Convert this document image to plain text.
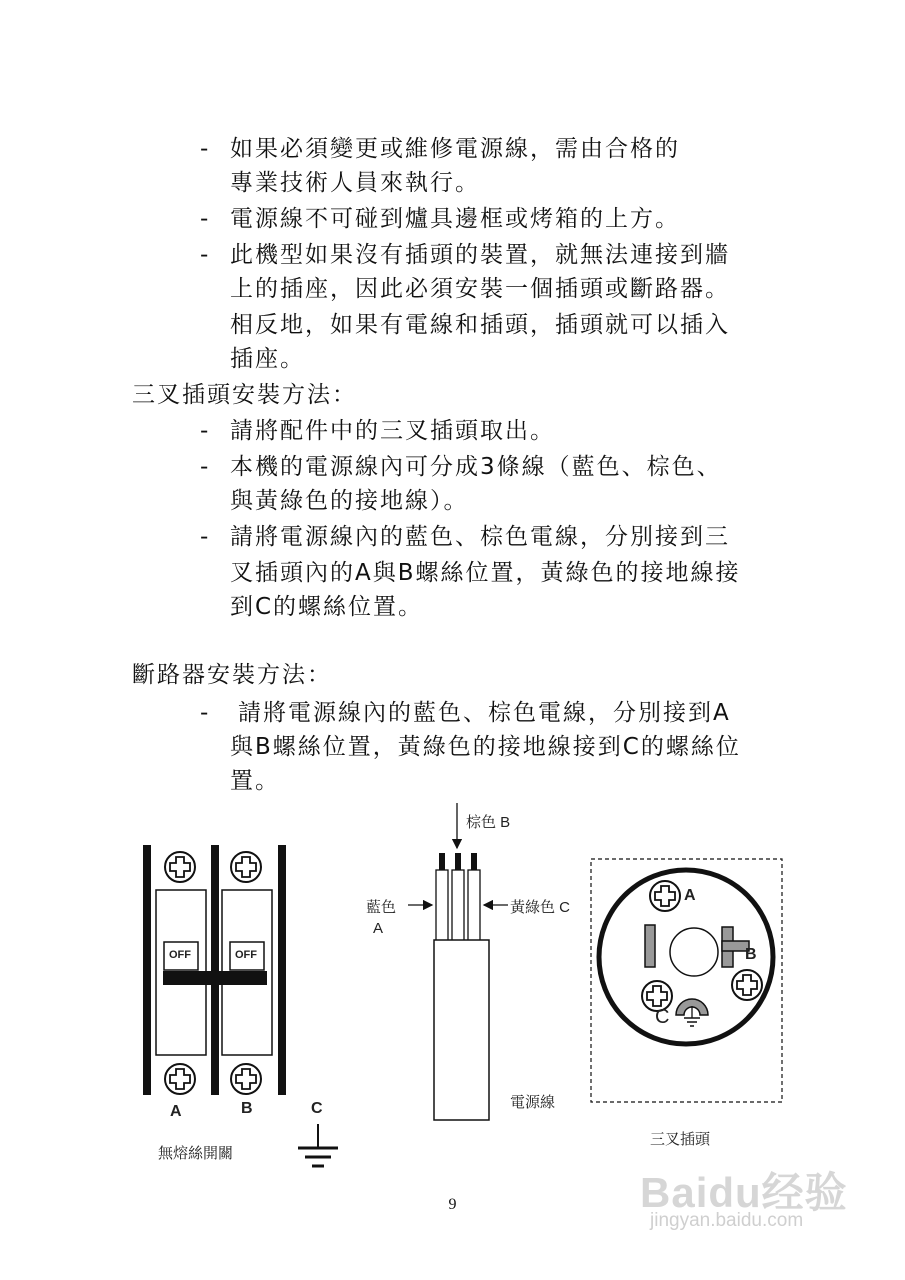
- 如果必須變更或維修電源線，需由合格的
專業技術人員來執行。
- 電源線不可碰到爐具邊框或烤箱的上方。
- 此機型如果沒有插頭的裝置，就無法連接到牆
上的插座，因此必須安裝一個插頭或斷路器。
相反地，如果有電線和插頭，插頭就可以插入
插座。
三叉插頭安裝方法：
- 請將配件中的三叉插頭取出。
- 本機的電源線內可分成3條線（藍色、棕色、
與黃綠色的接地線）。
- 請將電源線內的藍色、棕色電線，分別接到三
叉插頭內的A與B螺絲位置，黃綠色的接地線接
到C的螺絲位置。
斷路器安裝方法：
- 請將電源線內的藍色、棕色電線，分別接到A
與B螺絲位置，黃綠色的接地線接到C的螺絲位
置。
OFF	OFF
A	B	C
無熔絲開關
棕色 B
藍色
A
黃綠色 C
電源線
A
B
C
三叉插頭
9	Baidu经验
jingyan.baidu.com
